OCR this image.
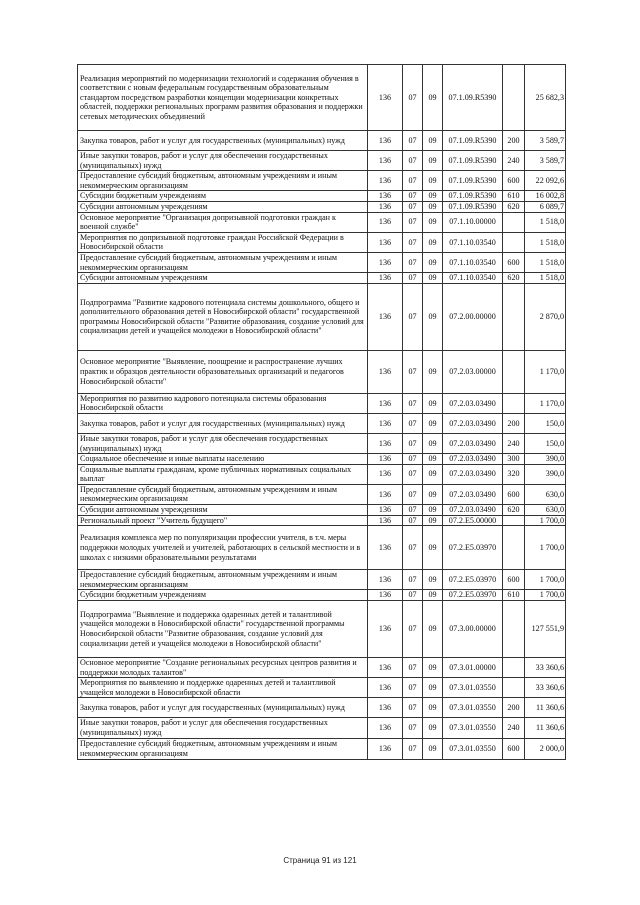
Реализация мероприятий по модернизации технологий и содержания обучения в соответствии с новым федеральным государственным образовательным стандартом посредством разработки концепции модернизации конкретных областей, поддержки региональных программ развития образования и поддержки сетевых методических объединений	136	07	09	07.1.09.R5390		25 682,3
Закупка товаров, работ и услуг для государственных (муниципальных) нужд	136	07	09	07.1.09.R5390	200	3 589,7
Иные закупки товаров, работ и услуг для обеспечения государственных (муниципальных) нужд	136	07	09	07.1.09.R5390	240	3 589,7
Предоставление субсидий бюджетным, автономным учреждениям и иным некоммерческим организациям	136	07	09	07.1.09.R5390	600	22 092,6
Субсидии бюджетным учреждениям	136	07	09	07.1.09.R5390	610	16 002,8
Субсидии автономным учреждениям	136	07	09	07.1.09.R5390	620	6 089,7
Основное мероприятие "Организация допризывной подготовки граждан к военной службе"	136	07	09	07.1.10.00000		1 518,0
Мероприятия по допризывной подготовке граждан Российской Федерации в Новосибирской области	136	07	09	07.1.10.03540		1 518,0
Предоставление субсидий бюджетным, автономным учреждениям и иным некоммерческим организациям	136	07	09	07.1.10.03540	600	1 518,0
Субсидии автономным учреждениям	136	07	09	07.1.10.03540	620	1 518,0
Подпрограмма "Развитие кадрового потенциала системы дошкольного, общего и дополнительного образования детей в Новосибирской области" государственной программы Новосибирской области "Развитие образования, создание условий для социализации детей и учащейся молодежи в Новосибирской области"	136	07	09	07.2.00.00000		2 870,0
Основное мероприятие "Выявление, поощрение и распространение лучших практик и образцов деятельности образовательных организаций и педагогов Новосибирской области"	136	07	09	07.2.03.00000		1 170,0
Мероприятия по развитию кадрового потенциала системы образования Новосибирской области	136	07	09	07.2.03.03490		1 170,0
Закупка товаров, работ и услуг для государственных (муниципальных) нужд	136	07	09	07.2.03.03490	200	150,0
Иные закупки товаров, работ и услуг для обеспечения государственных (муниципальных) нужд	136	07	09	07.2.03.03490	240	150,0
Социальное обеспечение и иные выплаты населению	136	07	09	07.2.03.03490	300	390,0
Социальные выплаты гражданам, кроме публичных нормативных социальных выплат	136	07	09	07.2.03.03490	320	390,0
Предоставление субсидий бюджетным, автономным учреждениям и иным некоммерческим организациям	136	07	09	07.2.03.03490	600	630,0
Субсидии автономным учреждениям	136	07	09	07.2.03.03490	620	630,0
Региональный проект "Учитель будущего"	136	07	09	07.2.E5.00000		1 700,0
Реализация комплекса мер по популяризации профессии учителя, в т.ч. меры поддержки молодых учителей и учителей, работающих в сельской местности и в школах с низкими образовательными результатами	136	07	09	07.2.E5.03970		1 700,0
Предоставление субсидий бюджетным, автономным учреждениям и иным некоммерческим организациям	136	07	09	07.2.E5.03970	600	1 700,0
Субсидии бюджетным учреждениям	136	07	09	07.2.E5.03970	610	1 700,0
Подпрограмма "Выявление и поддержка одаренных детей и талантливой учащейся молодежи в Новосибирской области" государственной программы Новосибирской области "Развитие образования, создание условий для социализации детей и учащейся молодежи в Новосибирской области"	136	07	09	07.3.00.00000		127 551,9
Основное мероприятие "Создание региональных ресурсных центров развития и поддержки молодых талантов"	136	07	09	07.3.01.00000		33 360,6
Мероприятия по выявлению и поддержке одаренных детей и талантливой учащейся молодежи в Новосибирской области	136	07	09	07.3.01.03550		33 360,6
Закупка товаров, работ и услуг для государственных (муниципальных) нужд	136	07	09	07.3.01.03550	200	11 360,6
Иные закупки товаров, работ и услуг для обеспечения государственных (муниципальных) нужд	136	07	09	07.3.01.03550	240	11 360,6
Предоставление субсидий бюджетным, автономным учреждениям и иным некоммерческим организациям	136	07	09	07.3.01.03550	600	2 000,0
Страница 91 из 121
